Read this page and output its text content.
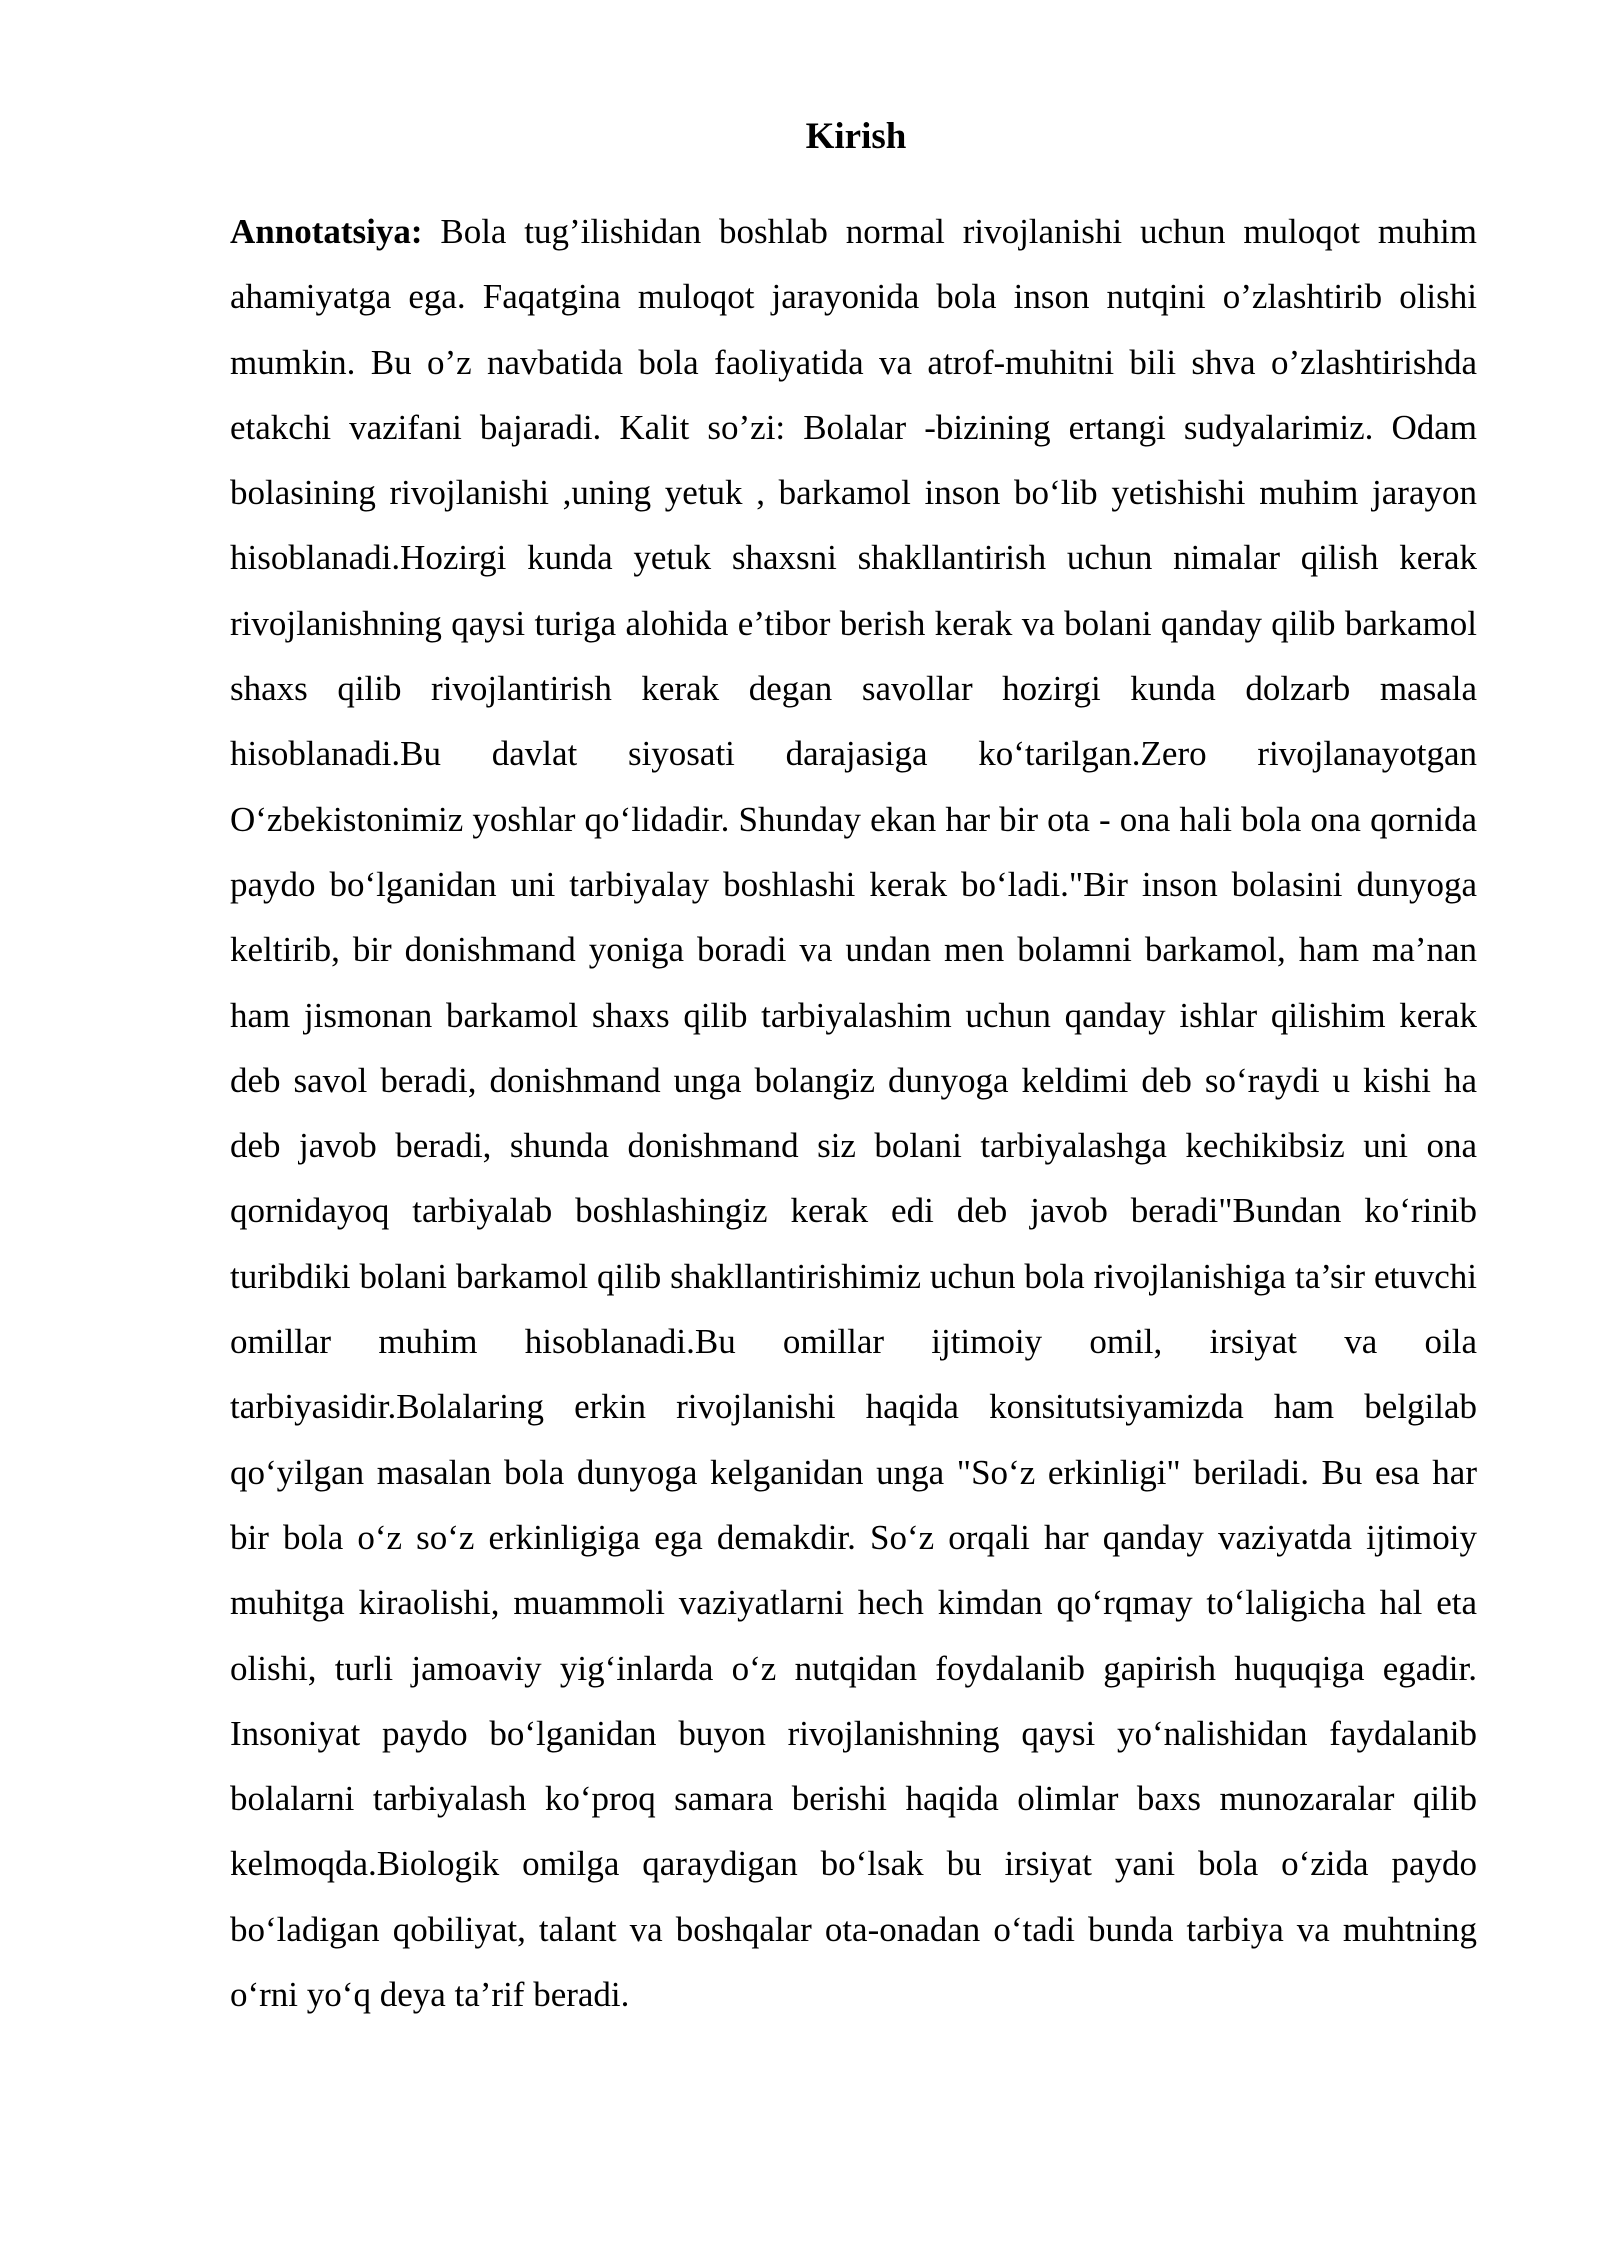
Kirish

Annotatsiya: Bola tug’ilishidan boshlab normal rivojlanishi uchun muloqot muhim ahamiyatga ega. Faqatgina muloqot jarayonida bola inson nutqini o’zlashtirib olishi mumkin. Bu o’z navbatida bola faoliyatida va atrof-muhitni bili shva o’zlashtirishda etakchi vazifani bajaradi. Kalit so’zi: Bolalar -bizining ertangi sudyalarimiz. Odam bolasining rivojlanishi ,uning yetuk , barkamol inson boʻlib yetishishi muhim jarayon hisoblanadi.Hozirgi kunda yetuk shaxsni shakllantirish uchun nimalar qilish kerak rivojlanishning qaysi turiga alohida e’tibor berish kerak va bolani qanday qilib barkamol shaxs qilib rivojlantirish kerak degan savollar hozirgi kunda dolzarb masala hisoblanadi.Bu davlat siyosati darajasiga koʻtarilgan.Zero rivojlanayotgan Oʻzbekistonimiz yoshlar qoʻlidadir. Shunday ekan har bir ota - ona hali bola ona qornida paydo boʻlganidan uni tarbiyalay boshlashi kerak boʻladi."Bir inson bolasini dunyoga keltirib, bir donishmand yoniga boradi va undan men bolamni barkamol, ham ma’nan ham jismonan barkamol shaxs qilib tarbiyalashim uchun qanday ishlar qilishim kerak deb savol beradi, donishmand unga bolangiz dunyoga keldimi deb soʻraydi u kishi ha deb javob beradi, shunda donishmand siz bolani tarbiyalashga kechikibsiz uni ona qornidayoq tarbiyalab boshlashingiz kerak edi deb javob beradi"Bundan koʻrinib turibdiki bolani barkamol qilib shakllantirishimiz uchun bola rivojlanishiga ta’sir etuvchi omillar muhim hisoblanadi.Bu omillar ijtimoiy omil, irsiyat va oila tarbiyasidir.Bolalaring erkin rivojlanishi haqida konsitutsiyamizda ham belgilab qoʻyilgan masalan bola dunyoga kelganidan unga "Soʻz erkinligi" beriladi. Bu esa har bir bola oʻz soʻz erkinligiga ega demakdir. Soʻz orqali har qanday vaziyatda ijtimoiy muhitga kiraolishi, muammoli vaziyatlarni hech kimdan qoʻrqmay toʻlaligicha hal eta olishi, turli jamoaviy yigʻinlarda oʻz nutqidan foydalanib gapirish huquqiga egadir. Insoniyat paydo boʻlganidan buyon rivojlanishning qaysi yoʻnalishidan faydalanib bolalarni tarbiyalash koʻproq samara berishi haqida olimlar baxs munozaralar qilib kelmoqda.Biologik omilga qaraydigan boʻlsak bu irsiyat yani bola oʻzida paydo boʻladigan qobiliyat, talant va boshqalar ota-onadan oʻtadi bunda tarbiya va muhtning oʻrni yoʻq deya ta’rif beradi.
